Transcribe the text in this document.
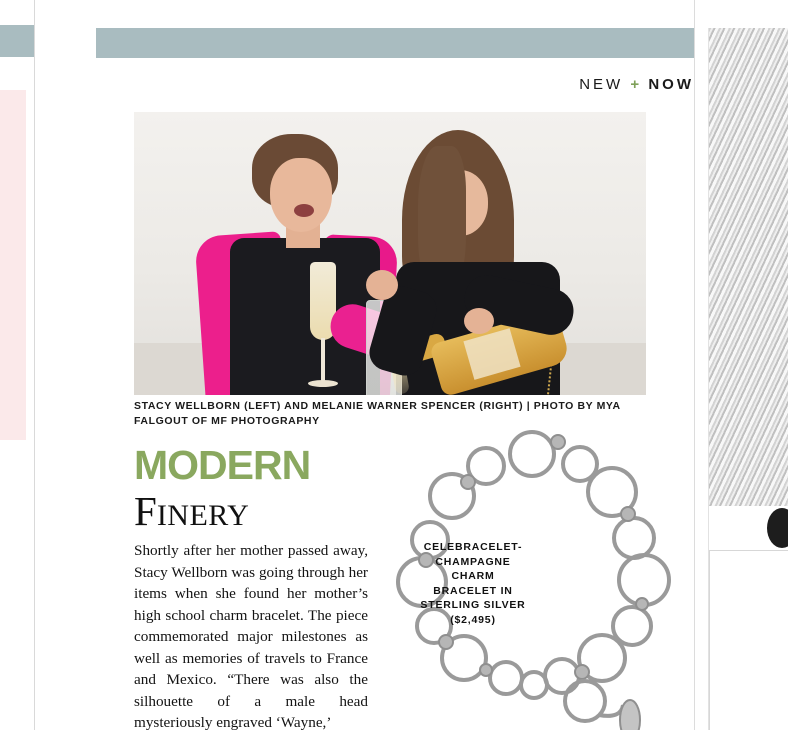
NEW + NOW
STACY WELLBORN (LEFT) AND MELANIE WARNER SPENCER (RIGHT) | PHOTO BY MYA FALGOUT OF MF PHOTOGRAPHY
MODERN
FINERY
Shortly after her mother passed away, Stacy Wellborn was going through her items when she found her mother’s high school charm bracelet. The piece commemorated major milestones as well as memories of travels to France and Mexico. “There was also the silhouette of a male head mysteriously engraved ‘Wayne,’
CELEBRACELET-CHAMPAGNE CHARM BRACELET IN STERLING SILVER ($2,495)
